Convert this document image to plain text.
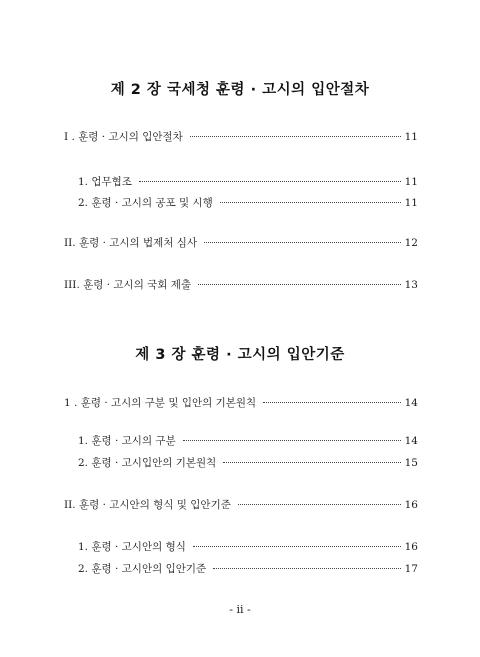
제 2 장 국세청 훈령 · 고시의 입안절차
I . 훈령 · 고시의 입안절차	11
1. 업무협조	11
2. 훈령 · 고시의 공포 및 시행	11
II. 훈령 · 고시의 법제처 심사	12
III. 훈령 · 고시의 국회 제출	13
제 3 장 훈령 · 고시의 입안기준
1 . 훈령 · 고시의 구분 및 입안의 기본원칙	14
1. 훈령 · 고시의 구분	14
2. 훈령 · 고시입안의 기본원칙	15
II. 훈령 · 고시안의 형식 및 입안기준	16
1. 훈령 · 고시안의 형식	16
2. 훈령 · 고시안의 입안기준	17
- ii -
